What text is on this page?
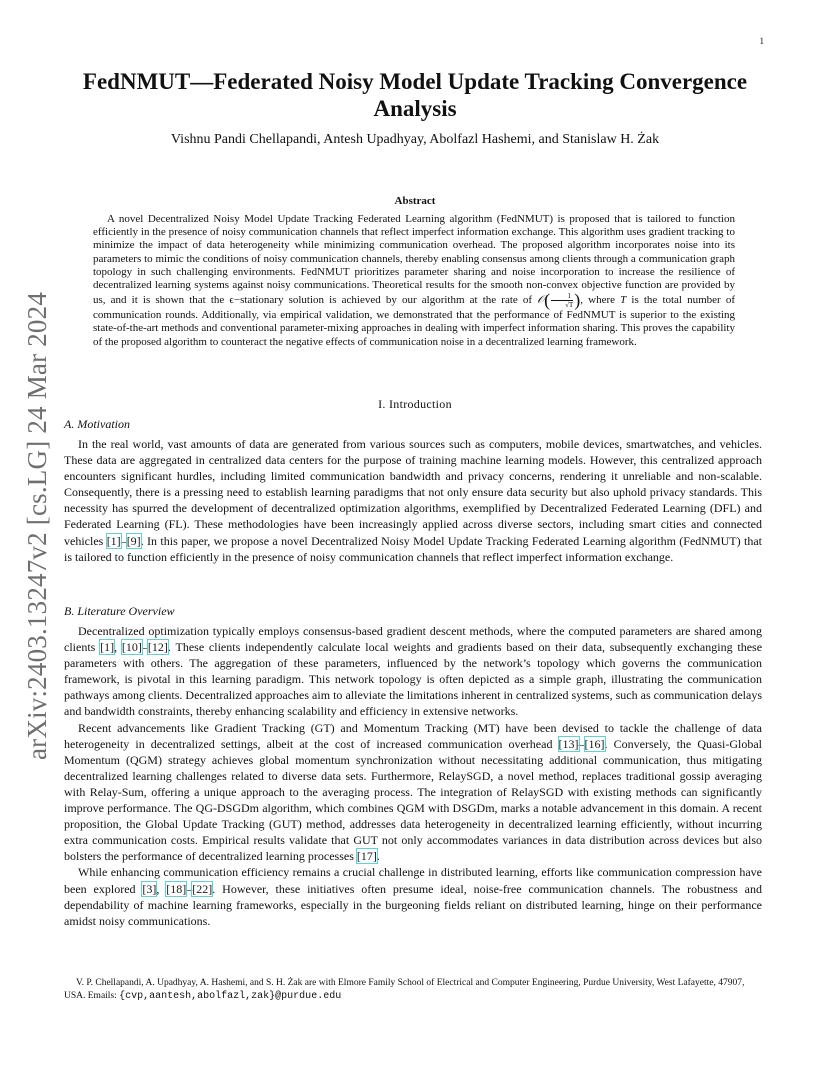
1
arXiv:2403.13247v2 [cs.LG] 24 Mar 2024
FedNMUT—Federated Noisy Model Update Tracking Convergence Analysis
Vishnu Pandi Chellapandi, Antesh Upadhyay, Abolfazl Hashemi, and Stanislaw H. Żak
Abstract
A novel Decentralized Noisy Model Update Tracking Federated Learning algorithm (FedNMUT) is proposed that is tailored to function efficiently in the presence of noisy communication channels that reflect imperfect information exchange. This algorithm uses gradient tracking to minimize the impact of data heterogeneity while minimizing communication overhead. The proposed algorithm incorporates noise into its parameters to mimic the conditions of noisy communication channels, thereby enabling consensus among clients through a communication graph topology in such challenging environments. FedNMUT prioritizes parameter sharing and noise incorporation to increase the resilience of decentralized learning systems against noisy communications. Theoretical results for the smooth non-convex objective function are provided by us, and it is shown that the ϵ−stationary solution is achieved by our algorithm at the rate of 𝒪( $\frac{1}{√T}$ ), where T is the total number of communication rounds. Additionally, via empirical validation, we demonstrated that the performance of FedNMUT is superior to the existing state-of-the-art methods and conventional parameter-mixing approaches in dealing with imperfect information sharing. This proves the capability of the proposed algorithm to counteract the negative effects of communication noise in a decentralized learning framework.
I. Introduction
A. Motivation

In the real world, vast amounts of data are generated from various sources such as computers, mobile devices, smartwatches, and vehicles. These data are aggregated in centralized data centers for the purpose of training machine learning models. However, this centralized approach encounters significant hurdles, including limited communication bandwidth and privacy concerns, rendering it unreliable and non-scalable. Consequently, there is a pressing need to establish learning paradigms that not only ensure data security but also uphold privacy standards. This necessity has spurred the development of decentralized optimization algorithms, exemplified by Decentralized Federated Learning (DFL) and Federated Learning (FL). These methodologies have been increasingly applied across diverse sectors, including smart cities and connected vehicles [1]–[9]. In this paper, we propose a novel Decentralized Noisy Model Update Tracking Federated Learning algorithm (FedNMUT) that is tailored to function efficiently in the presence of noisy communication channels that reflect imperfect information exchange.

B. Literature Overview

Decentralized optimization typically employs consensus-based gradient descent methods, where the computed parameters are shared among clients [1], [10]–[12]. These clients independently calculate local weights and gradients based on their data, subsequently exchanging these parameters with others. The aggregation of these parameters, influenced by the network’s topology which governs the communication framework, is pivotal in this learning paradigm. This network topology is often depicted as a simple graph, illustrating the communication pathways among clients. Decentralized approaches aim to alleviate the limitations inherent in centralized systems, such as communication delays and bandwidth constraints, thereby enhancing scalability and efficiency in extensive networks.

Recent advancements like Gradient Tracking (GT) and Momentum Tracking (MT) have been devised to tackle the challenge of data heterogeneity in decentralized settings, albeit at the cost of increased communication overhead [13]–[16]. Conversely, the Quasi-Global Momentum (QGM) strategy achieves global momentum synchronization without necessitating additional communication, thus mitigating decentralized learning challenges related to diverse data sets. Furthermore, RelaySGD, a novel method, replaces traditional gossip averaging with Relay-Sum, offering a unique approach to the averaging process. The integration of RelaySGD with existing methods can significantly improve performance. The QG-DSGDm algorithm, which combines QGM with DSGDm, marks a notable advancement in this domain. A recent proposition, the Global Update Tracking (GUT) method, addresses data heterogeneity in decentralized learning efficiently, without incurring extra communication costs. Empirical results validate that GUT not only accommodates variances in data distribution across devices but also bolsters the performance of decentralized learning processes [17].

While enhancing communication efficiency remains a crucial challenge in distributed learning, efforts like communication compression have been explored [3], [18]–[22]. However, these initiatives often presume ideal, noise-free communication channels. The robustness and dependability of machine learning frameworks, especially in the burgeoning fields reliant on distributed learning, hinge on their performance amidst noisy communications.

V. P. Chellapandi, A. Upadhyay, A. Hashemi, and S. H. Żak are with Elmore Family School of Electrical and Computer Engineering, Purdue University, West Lafayette, 47907, USA. Emails: {cvp,aantesh,abolfazl,zak}@purdue.edu
